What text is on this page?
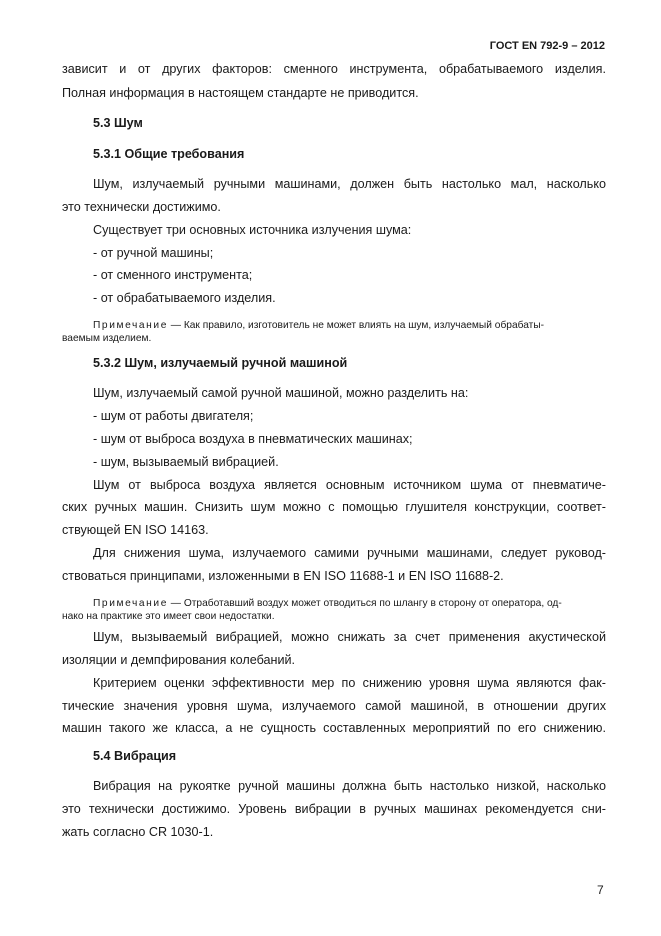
ГОСТ EN 792-9 – 2012
зависит и от других факторов: сменного инструмента, обрабатываемого изделия.
Полная информация в настоящем стандарте не приводится.
5.3 Шум
5.3.1 Общие требования
Шум, излучаемый ручными машинами, должен быть настолько мал, насколько
это технически достижимо.
Существует три основных источника излучения шума:
- от ручной машины;
- от сменного инструмента;
- от обрабатываемого изделия.
Примечание — Как правило, изготовитель не может влиять на шум, излучаемый обрабаты-
ваемым изделием.
5.3.2 Шум, излучаемый ручной машиной
Шум, излучаемый самой ручной машиной, можно разделить на:
- шум от работы двигателя;
- шум от выброса воздуха в пневматических машинах;
- шум, вызываемый вибрацией.
Шум от выброса воздуха является основным источником шума от пневматиче-
ских ручных машин. Снизить шум можно с помощью глушителя конструкции, соответ-
ствующей EN ISO 14163.
Для снижения шума, излучаемого самими ручными машинами, следует руковод-
ствоваться принципами, изложенными в EN ISO 11688-1 и EN ISO 11688-2.
Примечание — Отработавший воздух может отводиться по шлангу в сторону от оператора, од-
нако на практике это имеет свои недостатки.
Шум, вызываемый вибрацией, можно снижать за счет применения акустической
изоляции и демпфирования колебаний.
Критерием оценки эффективности мер по снижению уровня шума являются фак-
тические значения уровня шума, излучаемого самой машиной, в отношении других
машин такого же класса, а не сущность составленных мероприятий по его снижению.
5.4 Вибрация
Вибрация на рукоятке ручной машины должна быть настолько низкой, насколько
это технически достижимо. Уровень вибрации в ручных машинах рекомендуется сни-
жать согласно CR 1030-1.
7
